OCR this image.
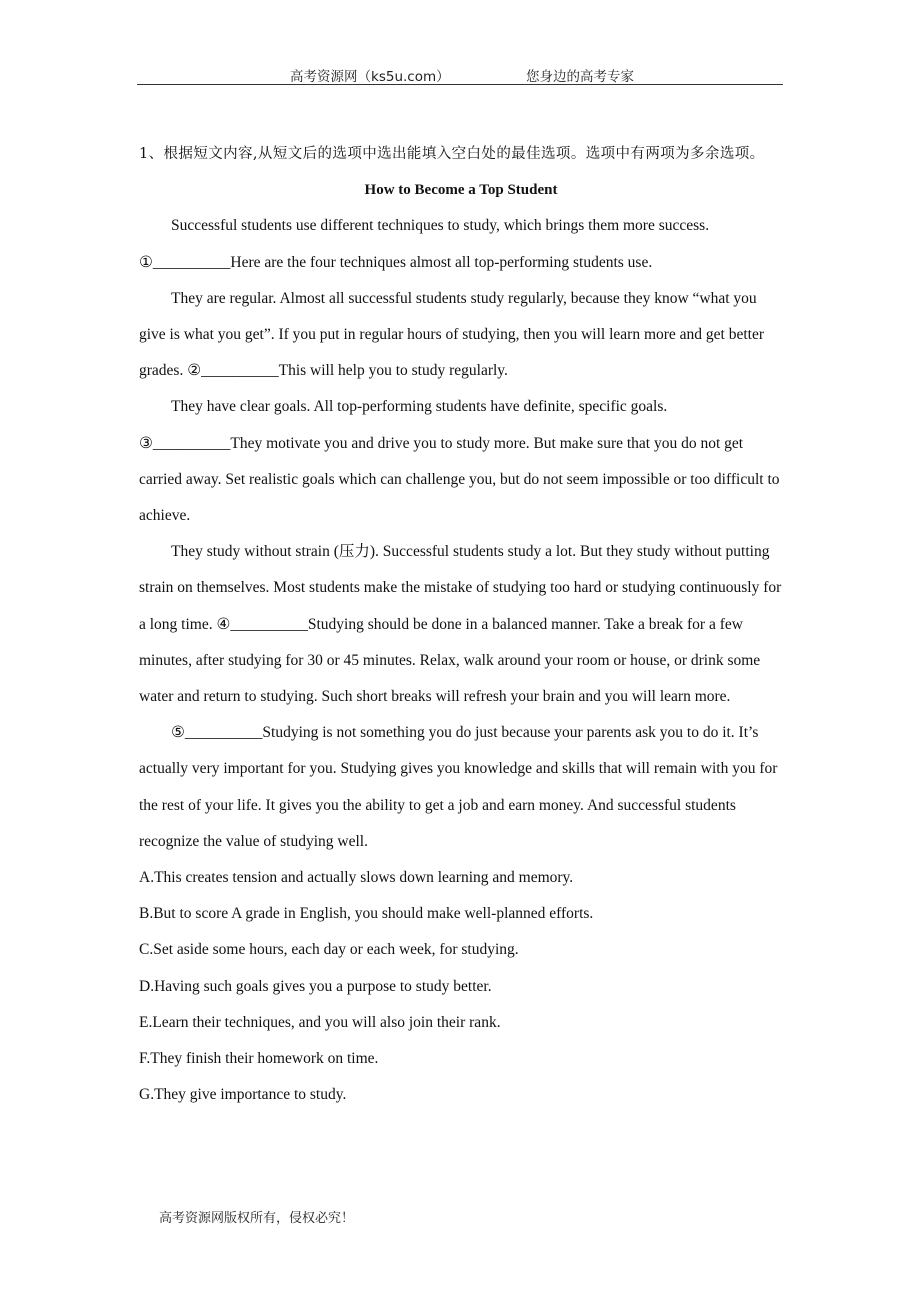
高考资源网（ks5u.com）	您身边的高考专家

1、根据短文内容,从短文后的选项中选出能填入空白处的最佳选项。选项中有两项为多余选项。

How to Become a Top Student

Successful students use different techniques to study, which brings them more success. ①__________Here are the four techniques almost all top-performing students use.

They are regular. Almost all successful students study regularly, because they know “what you give is what you get”. If you put in regular hours of studying, then you will learn more and get better grades. ②__________This will help you to study regularly.

They have clear goals. All top-performing students have definite, specific goals. ③__________They motivate you and drive you to study more. But make sure that you do not get carried away. Set realistic goals which can challenge you, but do not seem impossible or too difficult to achieve.

They study without strain (压力). Successful students study a lot. But they study without putting strain on themselves. Most students make the mistake of studying too hard or studying continuously for a long time. ④__________Studying should be done in a balanced manner. Take a break for a few minutes, after studying for 30 or 45 minutes. Relax, walk around your room or house, or drink some water and return to studying. Such short breaks will refresh your brain and you will learn more.

⑤__________Studying is not something you do just because your parents ask you to do it. It’s actually very important for you. Studying gives you knowledge and skills that will remain with you for the rest of your life. It gives you the ability to get a job and earn money. And successful students recognize the value of studying well.

A.This creates tension and actually slows down learning and memory.

B.But to score A grade in English, you should make well-planned efforts.

C.Set aside some hours, each day or each week, for studying.

D.Having such goals gives you a purpose to study better.

E.Learn their techniques, and you will also join their rank.

F.They finish their homework on time.

G.They give importance to study.

高考资源网版权所有，侵权必究！
